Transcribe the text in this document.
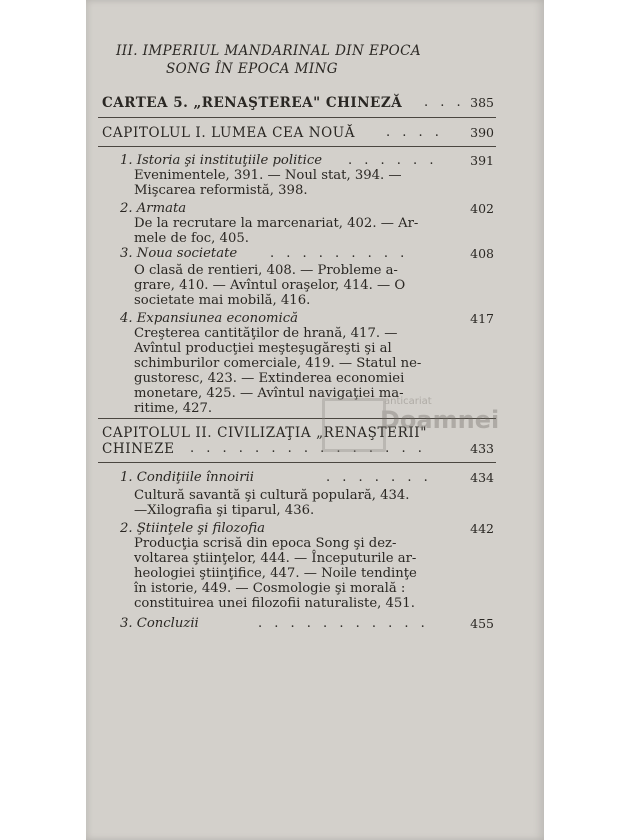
III. IMPERIUL MANDARINAL DIN EPOCA
SONG ÎN EPOCA MING
CARTEA 5. „RENAŞTEREA" CHINEZĂ . . . 385
CAPITOLUL I. LUMEA CEA NOUĂ . . . .	390
1. Istoria şi instituţiile politice . . . . . .	391
Evenimentele, 391. — Noul stat, 394. —
Mişcarea reformistă, 398.
2. Armata	402
De la recrutare la marcenariat, 402. — Ar-
mele de foc, 405.
3. Noua societate	. . . . . . . . .	408
O clasă de rentieri, 408. — Probleme a-
grare, 410. — Avîntul oraşelor, 414. — O
societate mai mobilă, 416.
4. Expansiunea economică	417
Creşterea cantităţilor de hrană, 417. —
Avîntul producţiei meşteşugăreşti şi al
schimburilor comerciale, 419. — Statul ne-
gustoresc, 423. — Extinderea economiei
monetare, 425. — Avîntul navigaţiei ma-
ritime, 427.
CAPITOLUL II. CIVILIZAŢIA „RENAŞTERII"
CHINEZE . . . . . . . . . . . . . . .	433
1. Condiţiile înnoirii	. . . . . . .	434
Cultură savantă şi cultură populară, 434.
—Xilografia şi tiparul, 436.
2. Ştiinţele şi filozofia	442
Producţia scrisă din epoca Song şi dez-
voltarea ştiinţelor, 444. — Începuturile ar-
heologiei ştiinţifice, 447. — Noile tendinţe
în istorie, 449. — Cosmologie şi morală :
constituirea unei filozofii naturaliste, 451.
3. Concluzii	. . . . . . . . . . .	455
anticariat
Doamnei
